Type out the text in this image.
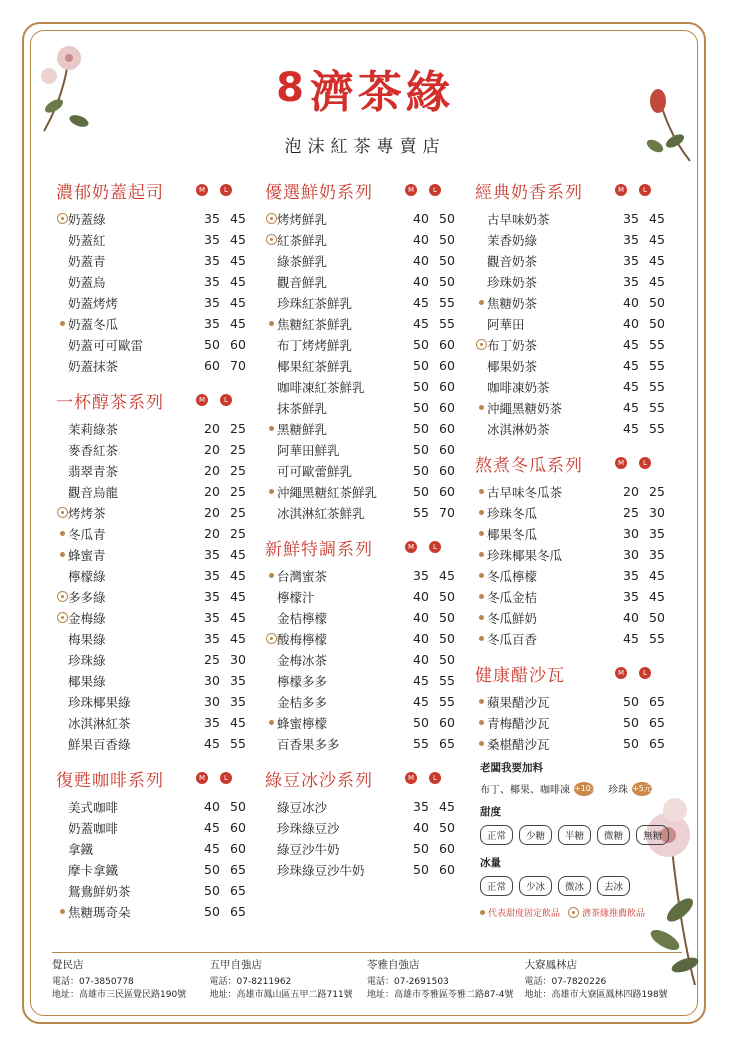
8 濟茶緣
泡沫紅茶專賣店
濃郁奶蓋起司	M	L
奶蓋綠	35 45
奶蓋紅	35 45
奶蓋青	35 45
奶蓋烏	35 45
奶蓋烤烤	35 45
奶蓋冬瓜	35 45
奶蓋可可歐雷	50 60
奶蓋抹茶	60 70
一杯醇茶系列	M	L
茉莉綠茶	20 25
麥香紅茶	20 25
翡翠青茶	20 25
觀音烏龍	20 25
烤烤茶	20 25
冬瓜青	20 25
蜂蜜青	35 45
檸檬綠	35 45
多多綠	35 45
金梅綠	35 45
梅果綠	35 45
珍珠綠	25 30
椰果綠	30 35
珍珠椰果綠	30 35
冰淇淋紅茶	35 45
鮮果百香綠	45 55
復甦咖啡系列	M	L
美式咖啡	40 50
奶蓋咖啡	45 60
拿鐵	45 60
摩卡拿鐵	50 65
鴛鴦鮮奶茶	50 65
焦糖瑪奇朵	50 65
優選鮮奶系列	M	L
烤烤鮮乳	40 50
紅茶鮮乳	40 50
綠茶鮮乳	40 50
觀音鮮乳	40 50
珍珠紅茶鮮乳	45 55
焦糖紅茶鮮乳	45 55
布丁烤烤鮮乳	50 60
椰果紅茶鮮乳	50 60
咖啡凍紅茶鮮乳	50 60
抹茶鮮乳	50 60
黑糖鮮乳	50 60
阿華田鮮乳	50 60
可可歐蕾鮮乳	50 60
沖繩黑糖紅茶鮮乳	50 60
冰淇淋紅茶鮮乳	55 70
新鮮特調系列	M	L
台灣蜜茶	35 45
檸檬汁	40 50
金桔檸檬	40 50
酸梅檸檬	40 50
金梅冰茶	40 50
檸檬多多	45 55
金桔多多	45 55
蜂蜜檸檬	50 60
百香果多多	55 65
綠豆冰沙系列	M	L
綠豆冰沙	35 45
珍珠綠豆沙	40 50
綠豆沙牛奶	50 60
珍珠綠豆沙牛奶	50 60
經典奶香系列	M	L
古早味奶茶	35 45
茉香奶綠	35 45
觀音奶茶	35 45
珍珠奶茶	35 45
焦糖奶茶	40 50
阿華田	40 50
布丁奶茶	45 55
椰果奶茶	45 55
咖啡凍奶茶	45 55
沖繩黑糖奶茶	45 55
冰淇淋奶茶	45 55
熬煮冬瓜系列	M	L
古早味冬瓜茶	20 25
珍珠冬瓜	25 30
椰果冬瓜	30 35
珍珠椰果冬瓜	30 35
冬瓜檸檬	35 45
冬瓜金桔	35 45
冬瓜鮮奶	40 50
冬瓜百香	45 55
健康醋沙瓦	M	L
蘋果醋沙瓦	50 65
青梅醋沙瓦	50 65
桑椹醋沙瓦	50 65
老闆我要加料
布丁、椰果、咖啡凍 +10元 珍珠 +5元
甜度
正常	少糖	半糖	微糖	無糖
冰量
正常	少冰	微冰	去冰
代表甜度固定飲品 濟茶緣推薦飲品
覺民店
電話：07-3850778
地址：高雄市三民區覺民路190號
五甲自強店
電話：07-8211962
地址：高雄市鳳山區五甲二路711號
苓雅自強店
電話：07-2691503
地址：高雄市苓雅區苓雅二路87-4號
大寮鳳林店
電話：07-7820226
地址：高雄市大寮區鳳林四路198號
